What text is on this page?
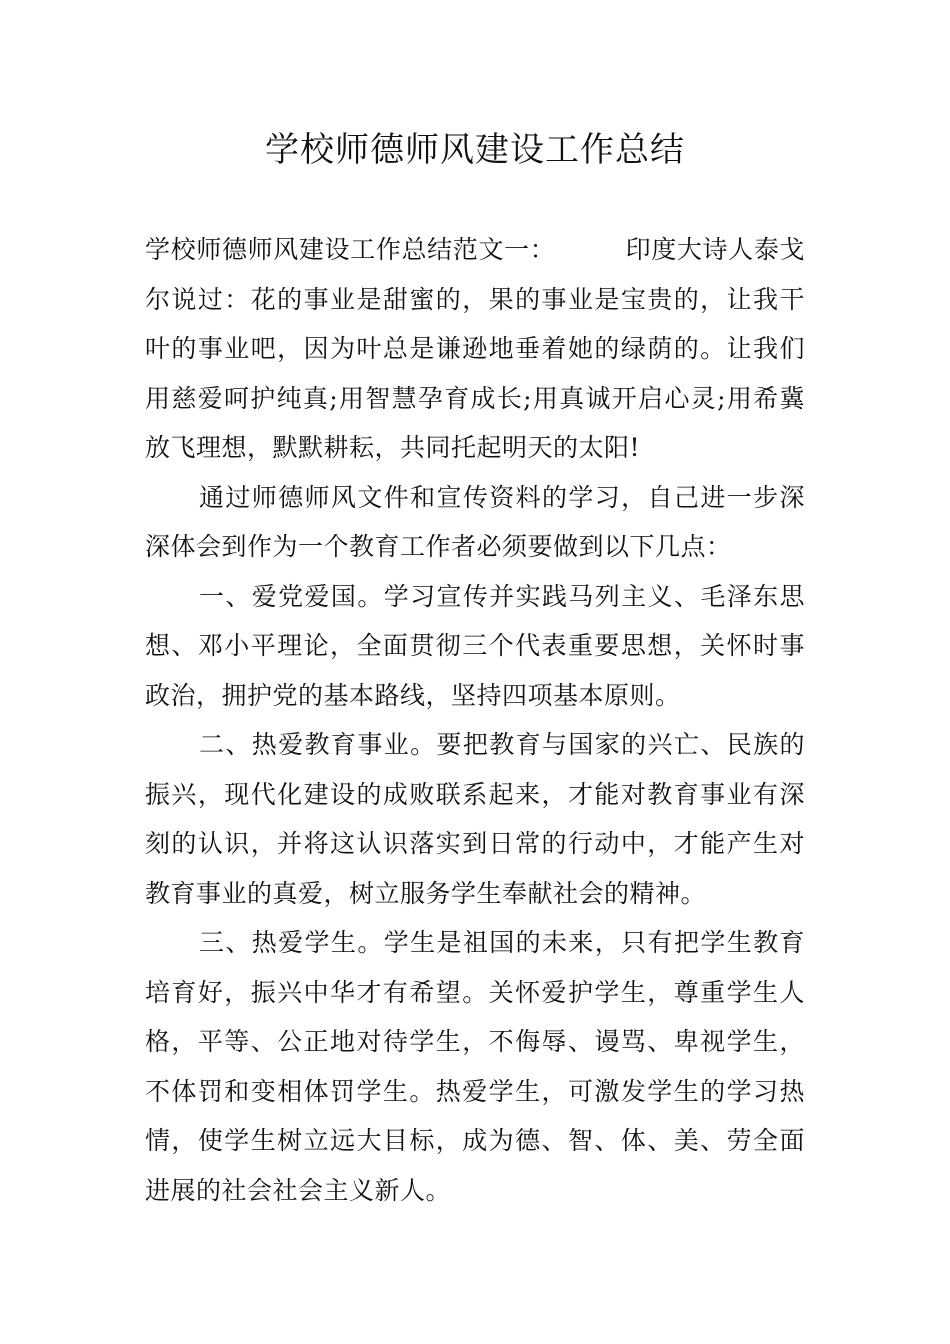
学校师德师风建设工作总结

学校师德师风建设工作总结范文一：	印度大诗人泰戈尔说过：花的事业是甜蜜的，果的事业是宝贵的，让我干叶的事业吧，因为叶总是谦逊地垂着她的绿荫的。让我们用慈爱呵护纯真;用智慧孕育成长;用真诚开启心灵;用希冀放飞理想，默默耕耘，共同托起明天的太阳!

通过师德师风文件和宣传资料的学习，自己进一步深深体会到作为一个教育工作者必须要做到以下几点：

一、爱党爱国。学习宣传并实践马列主义、毛泽东思想、邓小平理论，全面贯彻三个代表重要思想，关怀时事政治，拥护党的基本路线，坚持四项基本原则。

二、热爱教育事业。要把教育与国家的兴亡、民族的振兴，现代化建设的成败联系起来，才能对教育事业有深刻的认识，并将这认识落实到日常的行动中，才能产生对教育事业的真爱，树立服务学生奉献社会的精神。

三、热爱学生。学生是祖国的未来，只有把学生教育培育好，振兴中华才有希望。关怀爱护学生，尊重学生人格，平等、公正地对待学生，不侮辱、谩骂、卑视学生，不体罚和变相体罚学生。热爱学生，可激发学生的学习热情，使学生树立远大目标，成为德、智、体、美、劳全面进展的社会社会主义新人。
